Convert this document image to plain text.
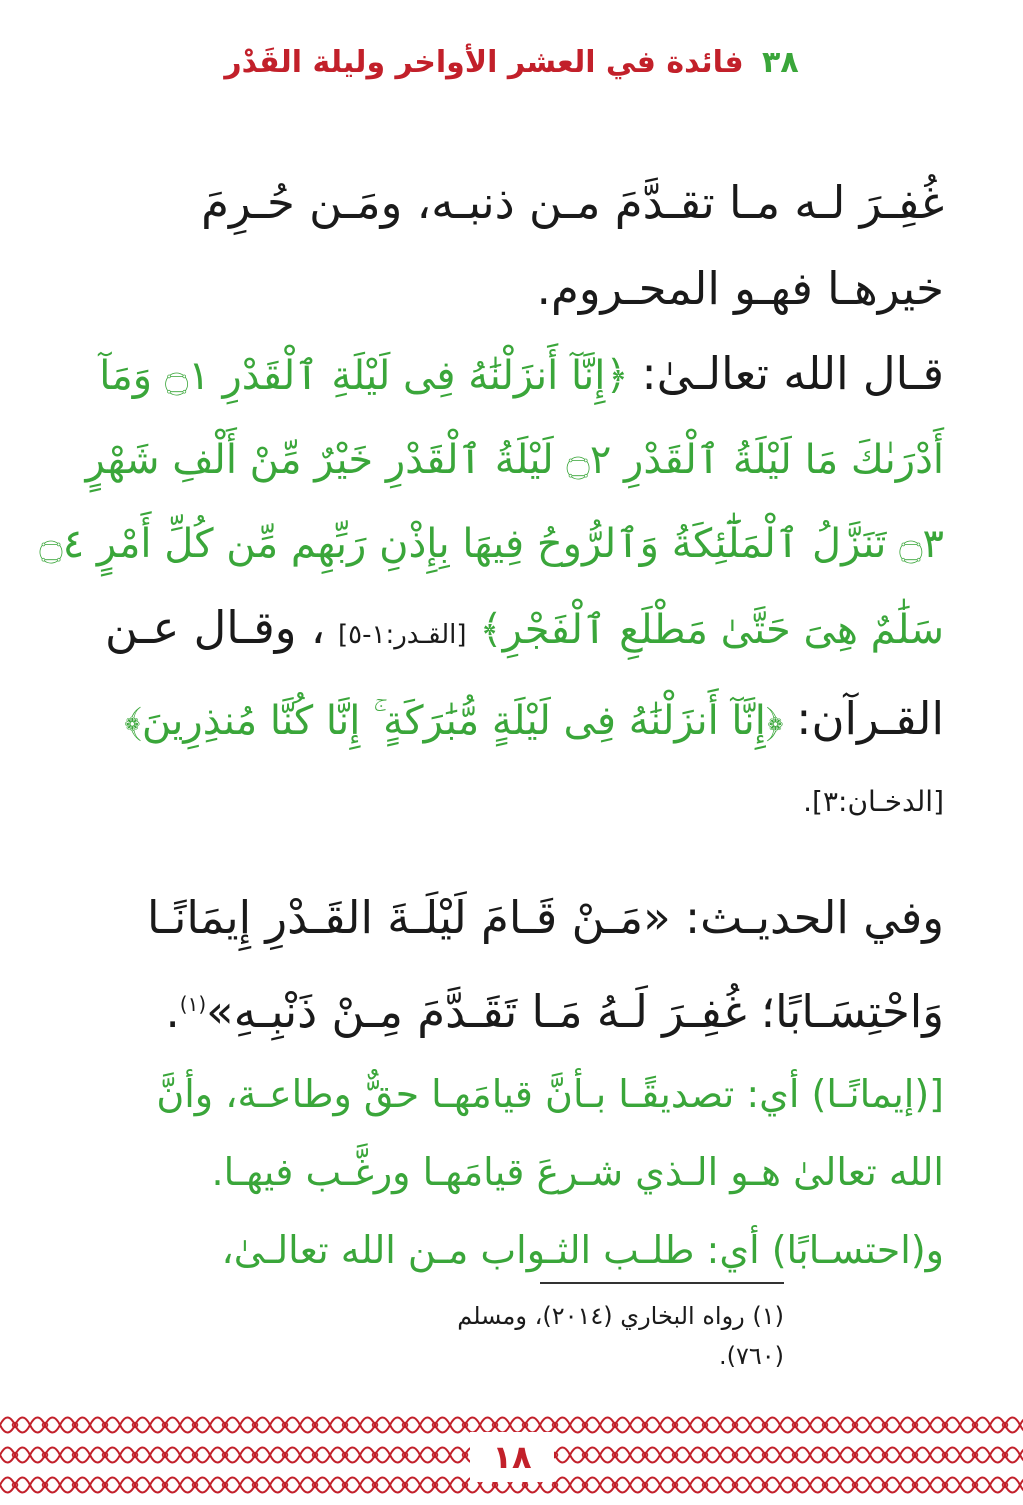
٣٨ فائدة في العشر الأواخر وليلة القَدْر
غُفِـرَ لـه مـا تقـدَّمَ مـن ذنبـه، ومَـن حُـرِمَ
خيرهـا فهـو المحـروم.
قـال الله تعالـىٰ: ﴿إِنَّآ أَنزَلْنَٰهُ فِى لَيْلَةِ ٱلْقَدْرِ ۝١ وَمَآ
أَدْرَىٰكَ مَا لَيْلَةُ ٱلْقَدْرِ ۝٢ لَيْلَةُ ٱلْقَدْرِ خَيْرٌ مِّنْ أَلْفِ شَهْرٍ
۝٣ تَنَزَّلُ ٱلْمَلَٰٓئِكَةُ وَٱلرُّوحُ فِيهَا بِإِذْنِ رَبِّهِم مِّن كُلِّ أَمْرٍ ۝٤
سَلَٰمٌ هِىَ حَتَّىٰ مَطْلَعِ ٱلْفَجْرِ﴾ [القـدر:١-٥] ، وقـال عـن
القـرآن: ﴿إِنَّآ أَنزَلْنَٰهُ فِى لَيْلَةٍ مُّبَٰرَكَةٍ ۚ إِنَّا كُنَّا مُنذِرِينَ﴾
[الدخـان:٣].
وفي الحديـث: «مَـنْ قَـامَ لَيْلَـةَ القَـدْرِ إِيمَانًـا
وَاحْتِسَـابًا؛ غُفِـرَ لَـهُ مَـا تَقَـدَّمَ مِـنْ ذَنْبِـهِ»$^{(١)}$.
[(إيمانًـا) أي: تصديقًـا بـأنَّ قيامَهـا حقٌّ وطاعـة، وأنَّ
الله تعالىٰ هـو الـذي شـرعَ قيامَهـا ورغَّـب فيهـا.
و(احتسـابًا) أي: طلـب الثـواب مـن الله تعالـىٰ،
(١) رواه البخاري (٢٠١٤)، ومسلم (٧٦٠).
١٨
